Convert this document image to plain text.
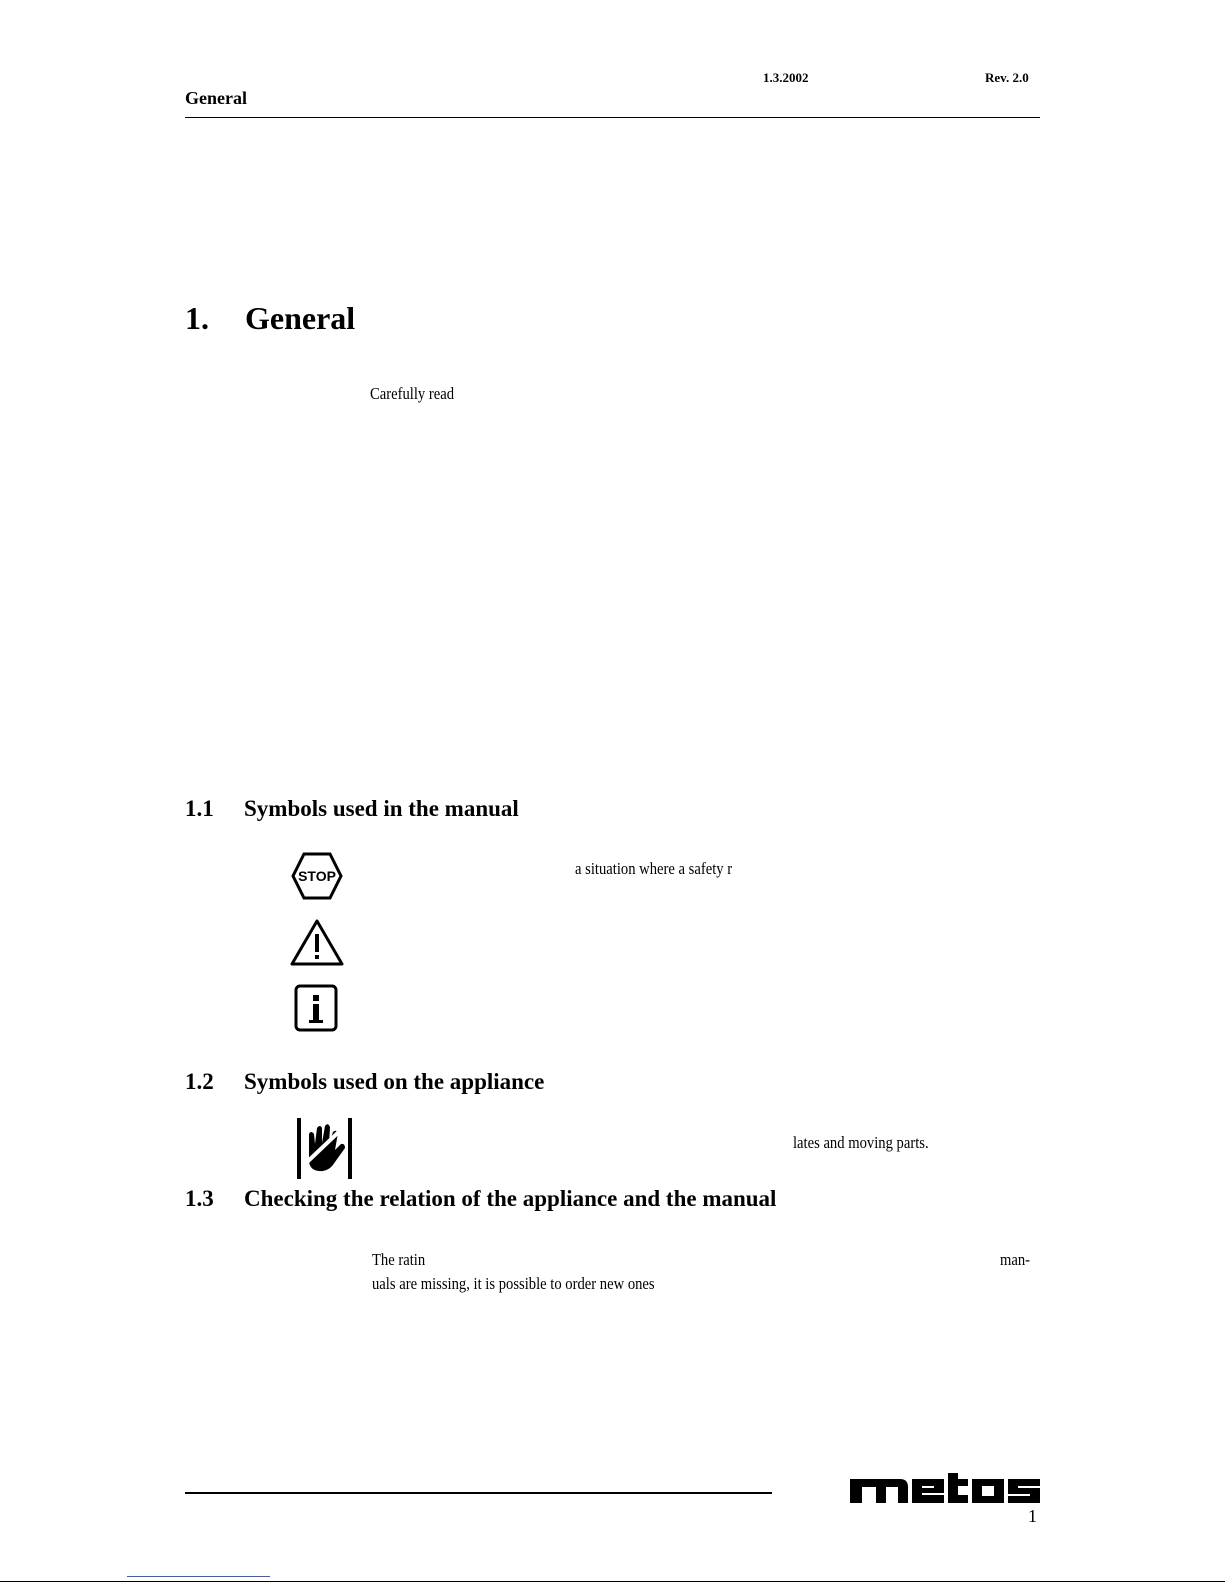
1.3.2002	Rev. 2.0
General
1. General
Carefully read
1.1 Symbols used in the manual
STOP	a situation where a safety r
1.2 Symbols used on the appliance
lates and moving parts.
1.3 Checking the relation of the appliance and the manual
The ratin	man-
uals are missing, it is possible to order new ones
1
